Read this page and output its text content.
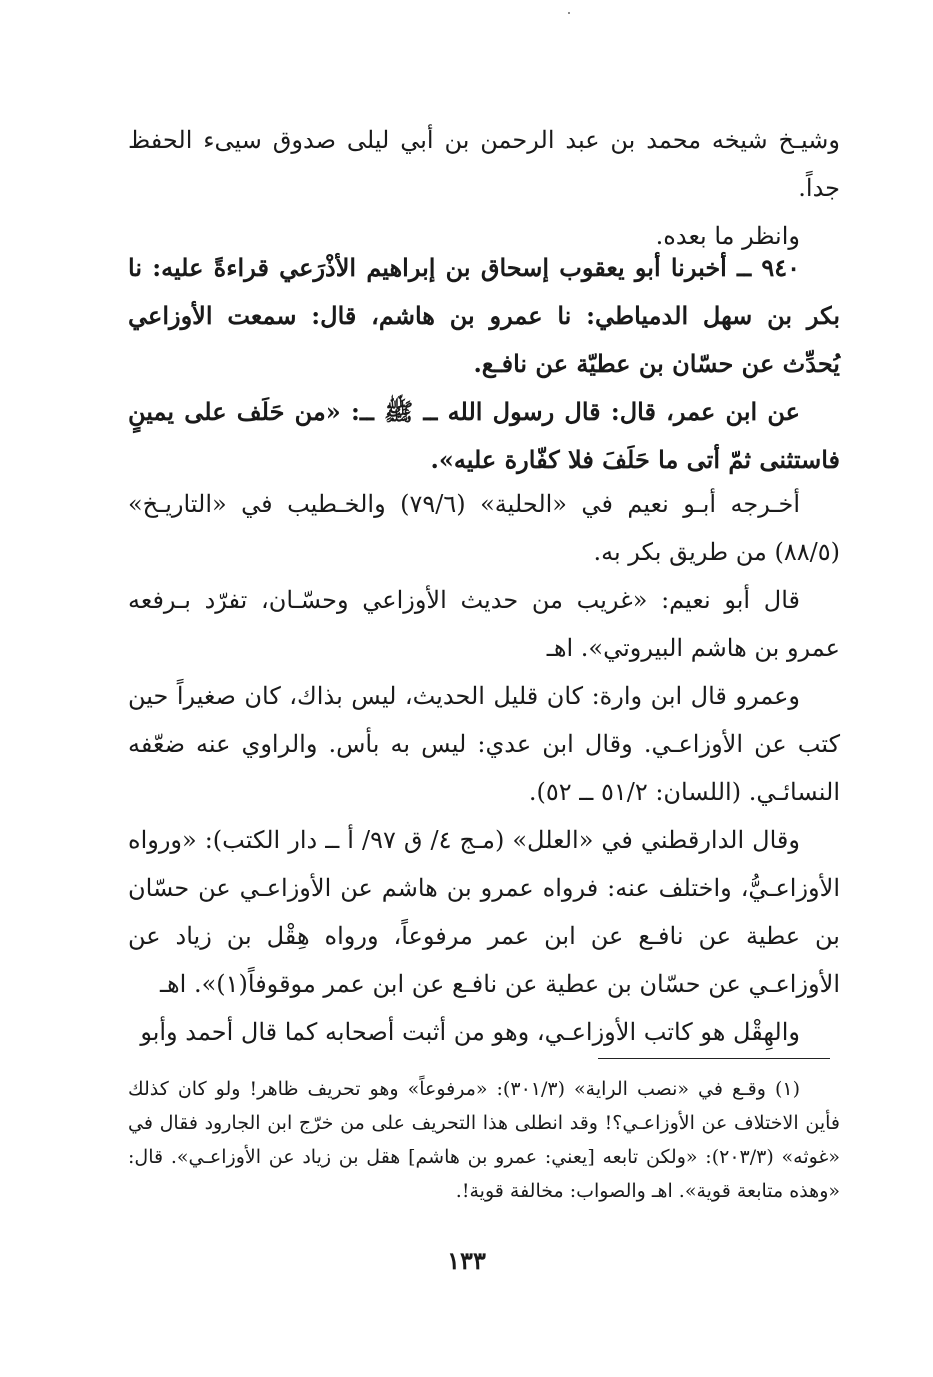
وشيـخ شيخه محمد بن عبد الرحمن بن أبي ليلى صدوق سيىء الحفظ جداً.

وانظر ما بعده.

٩٤٠ ــ أخبرنا أبو يعقوب إسحاق بن إبراهيم الأذْرَعي قراءةً عليه: نا بكر بن سهل الدمياطي: نا عمرو بن هاشم، قال: سمعت الأوزاعي يُحدِّث عن حسّان بن عطيّة عن نافـع.

عن ابن عمر، قال: قال رسول الله ــ ﷺ ــ: «من حَلَف على يمينٍ فاستثنى ثمّ أتى ما حَلَفَ فلا كفّارة عليه».

أخـرجه أبـو نعيم في «الحلية» (٧٩/٦) والخـطيب في «التاريـخ» (٨٨/٥) من طريق بكر به.

قال أبو نعيم: «غريب من حديث الأوزاعي وحسّـان، تفرّد بـرفعه عمرو بن هاشم البيروتي». اهـ

وعمرو قال ابن وارة: كان قليل الحديث، ليس بذاك، كان صغيراً حين كتب عن الأوزاعـي. وقال ابن عدي: ليس به بأس. والراوي عنه ضعّفه النسائـي. (اللسان: ٥١/٢ ــ ٥٢).

وقال الدارقطني في «العلل» (مـج ٤/ ق ٩٧/ أ ــ دار الكتب): «ورواه الأوزاعـيُّ، واختلف عنه: فرواه عمرو بن هاشم عن الأوزاعـي عن حسّان بن عطية عن نافـع عن ابن عمر مرفوعاً، ورواه هِقْل بن زياد عن الأوزاعـي عن حسّان بن عطية عن نافـع عن ابن عمر موقوفاً(١)». اهـ

والهِقْل هو كاتب الأوزاعـي، وهو من أثبت أصحابه كما قال أحمد وأبو

(١) وقـع في «نصب الراية» (٣٠١/٣): «مرفوعاً» وهو تحريف ظاهر! ولو كان كذلك فأين الاختلاف عن الأوزاعـي؟! وقد انطلى هذا التحريف على من خرّج ابن الجارود فقال في «غوثه» (٢٠٣/٣): «ولكن تابعه [يعني: عمرو بن هاشم] هقل بن زياد عن الأوزاعـي». قال: «وهذه متابعة قوية». اهـ والصواب: مخالفة قوية!.

١٣٣
